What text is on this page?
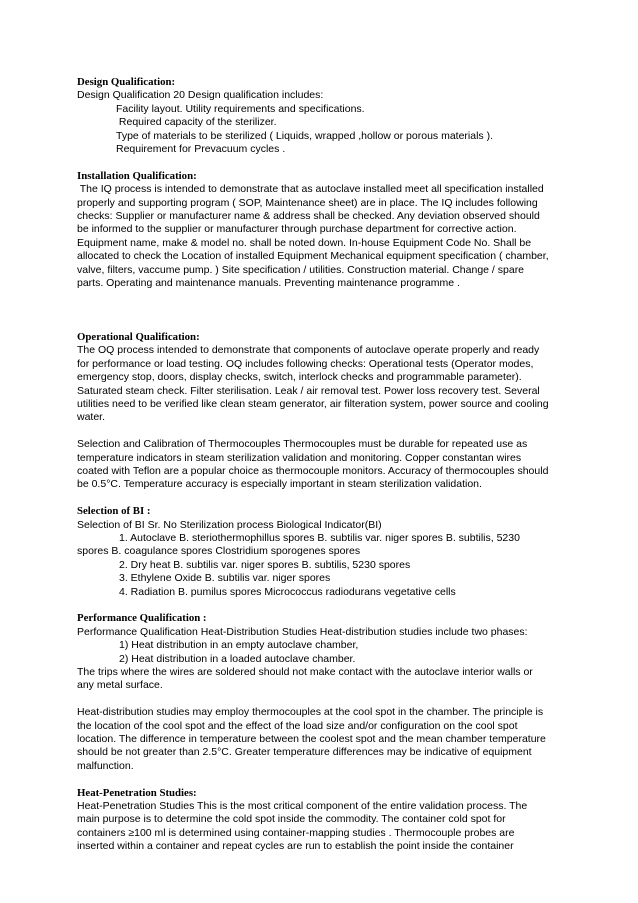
Design Qualification:
Design Qualification 20 Design qualification includes:
Facility layout. Utility requirements and specifications.
Required capacity of the sterilizer.
Type of materials to be sterilized ( Liquids, wrapped ,hollow or porous materials ).
Requirement for Prevacuum cycles .
Installation Qualification:
The IQ process is intended to demonstrate that as autoclave installed meet all specification installed
properly and supporting program ( SOP, Maintenance sheet) are in place. The IQ includes following
checks: Supplier or manufacturer name & address shall be checked. Any deviation observed should
be informed to the supplier or manufacturer through purchase department for corrective action.
Equipment name, make & model no. shall be noted down. In-house Equipment Code No. Shall be
allocated to check the Location of installed Equipment Mechanical equipment specification ( chamber,
valve, filters, vaccume pump. ) Site specification / utilities. Construction material. Change / spare
parts. Operating and maintenance manuals. Preventing maintenance programme .
Operational Qualification:
The OQ process intended to demonstrate that components of autoclave operate properly and ready
for performance or load testing. OQ includes following checks: Operational tests (Operator modes,
emergency stop, doors, display checks, switch, interlock checks and programmable parameter).
Saturated steam check. Filter sterilisation. Leak / air removal test. Power loss recovery test. Several
utilities need to be verified like clean steam generator, air filteration system, power source and cooling
water.
Selection and Calibration of Thermocouples Thermocouples must be durable for repeated use as
temperature indicators in steam sterilization validation and monitoring. Copper constantan wires
coated with Teflon are a popular choice as thermocouple monitors. Accuracy of thermocouples should
be 0.5°C. Temperature accuracy is especially important in steam sterilization validation.
Selection of BI :
Selection of BI Sr. No Sterilization process Biological Indicator(BI)
1. Autoclave B. steriothermophillus spores B. subtilis var. niger spores B. subtilis, 5230
spores B. coagulance spores Clostridium sporogenes spores
2. Dry heat B. subtilis var. niger spores B. subtilis, 5230 spores
3. Ethylene Oxide B. subtilis var. niger spores
4. Radiation B. pumilus spores Micrococcus radiodurans vegetative cells
Performance Qualification :
Performance Qualification Heat-Distribution Studies Heat-distribution studies include two phases:
1) Heat distribution in an empty autoclave chamber,
2) Heat distribution in a loaded autoclave chamber.
The trips where the wires are soldered should not make contact with the autoclave interior walls or
any metal surface.
Heat-distribution studies may employ thermocouples at the cool spot in the chamber. The principle is
the location of the cool spot and the effect of the load size and/or configuration on the cool spot
location. The difference in temperature between the coolest spot and the mean chamber temperature
should be not greater than 2.5°C. Greater temperature differences may be indicative of equipment
malfunction.
Heat-Penetration Studies:
Heat-Penetration Studies This is the most critical component of the entire validation process. The
main purpose is to determine the cold spot inside the commodity. The container cold spot for
containers ≥100 ml is determined using container-mapping studies . Thermocouple probes are
inserted within a container and repeat cycles are run to establish the point inside the container
